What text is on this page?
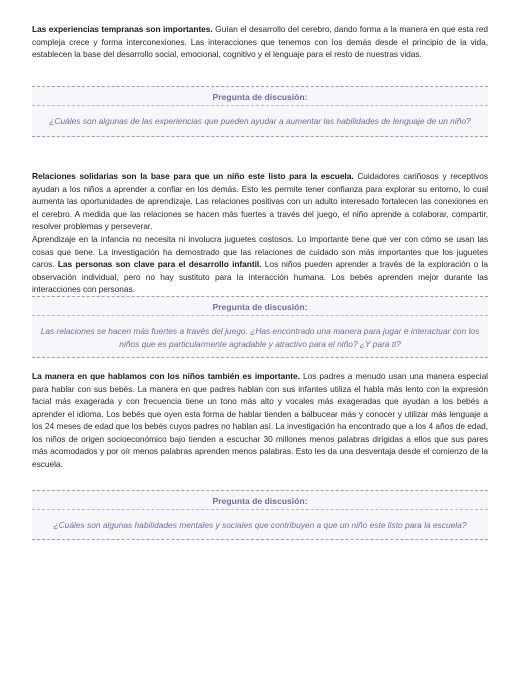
Las experiencias tempranas son importantes. Guían el desarrollo del cerebro, dando forma a la manera en que esta red compleja crece y forma interconexiones. Las interacciones que tenemos con los demás desde el principio de la vida, establecen la base del desarrollo social, emocional, cognitivo y el lenguaje para el resto de nuestras vidas.

Pregunta de discusión:
¿Cuáles son algunas de las experiencias que pueden ayudar a aumentar las habilidades de lenguaje de un niño?

Relaciones solidarias son la base para que un niño este listo para la escuela. Cuidadores cariñosos y receptivos ayudan a los niños a aprender a confiar en los demás. Esto les permite tener confianza para explorar su entorno, lo cual aumenta las oportunidades de aprendizaje. Las relaciones positivas con un adulto interesado fortalecen las conexiones en el cerebro. A medida que las relaciones se hacen más fuertes a través del juego, el niño aprende a colaborar, compartir, resolver problemas y perseverar.

Aprendizaje en la infancia no necesita ni involucra juguetes costosos. Lo importante tiene que ver con cómo se usan las cosas que tiene. La investigación ha demostrado que las relaciones de cuidado son más importantes que los juguetes caros. Las personas son clave para el desarrollo infantil. Los niños pueden aprender a través de la exploración o la observación individual, pero no hay sustituto para la interacción humana. Los bebés aprenden mejor durante las interacciones con personas.

Pregunta de discusión:
Las relaciones se hacen más fuertes a través del juego. ¿Has encontrado una manera para jugar e interactuar con los niños que es particularmente agradable y atractivo para el niño? ¿Y para ti?

La manera en que hablamos con los niños también es importante. Los padres a menudo usan una manera especial para hablar con sus bebés. La manera en que padres hablan con sus infantes utiliza el habla más lento con la expresión facial más exagerada y con frecuencia tiene un tono más alto y vocales más exageradas que ayudan a los bebés a aprender el idioma. Los bebés que oyen esta forma de hablar tienden a balbucear más y conocer y utilizar más lenguaje a los 24 meses de edad que los bebés cuyos padres no hablan así. La investigación ha encontrado que a los 4 años de edad, los niños de origen socioeconómico bajo tienden a escuchar 30 millones menos palabras dirigidas a ellos que sus pares más acomodados y por oír menos palabras aprenden menos palabras. Esto les da una desventaja desde el comienzo de la escuela.

Pregunta de discusión:
¿Cuáles son algunas habilidades mentales y sociales que contribuyen a que un niño este listo para la escuela?
